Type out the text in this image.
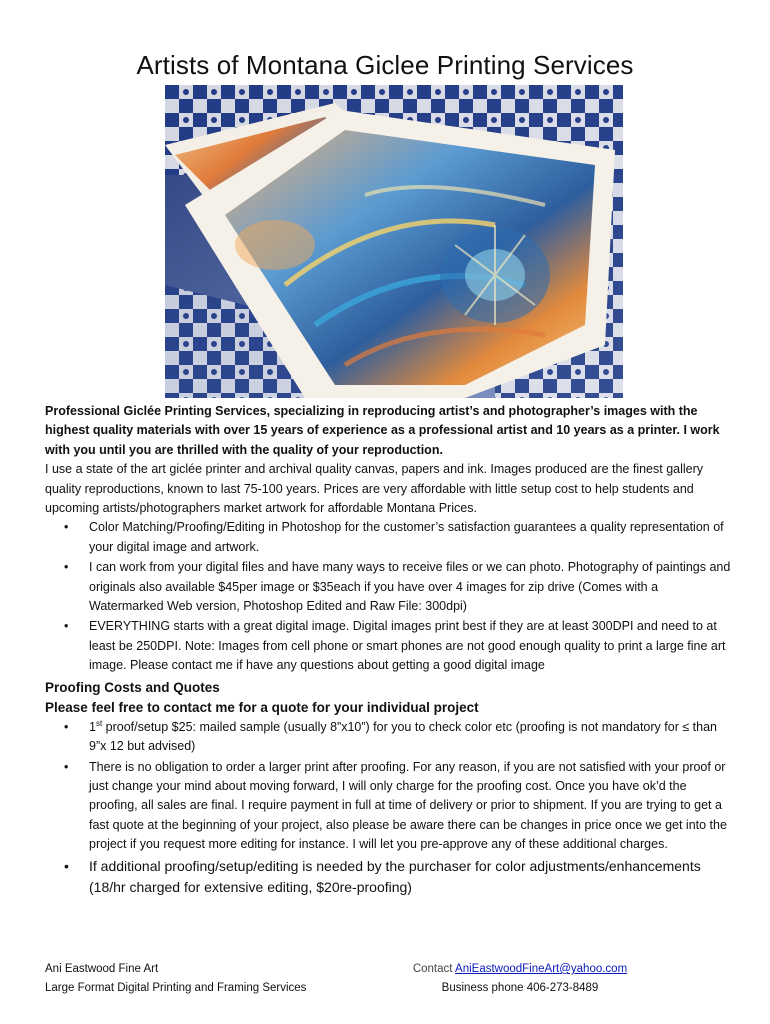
Artists of Montana Giclee Printing Services

Professional Giclée Printing Services, specializing in reproducing artist’s and photographer’s images with the highest quality materials with over 15 years of experience as a professional artist and 10 years as a printer. I work with you until you are thrilled with the quality of your reproduction.

I use a state of the art giclée printer and archival quality canvas, papers and ink. Images produced are the finest gallery quality reproductions, known to last 75-100 years. Prices are very affordable with little setup cost to help students and upcoming artists/photographers market artwork for affordable Montana Prices.

• Color Matching/Proofing/Editing in Photoshop for the customer’s satisfaction guarantees a quality representation of your digital image and artwork.
• I can work from your digital files and have many ways to receive files or we can photo. Photography of paintings and originals also available $45per image or $35each if you have over 4 images for zip drive (Comes with a Watermarked Web version, Photoshop Edited and Raw File: 300dpi)
• EVERYTHING starts with a great digital image. Digital images print best if they are at least 300DPI and need to at least be 250DPI. Note: Images from cell phone or smart phones are not good enough quality to print a large fine art image. Please contact me if have any questions about getting a good digital image
Proofing Costs and Quotes
Please feel free to contact me for a quote for your individual project
• 1st proof/setup $25: mailed sample (usually 8”x10”) for you to check color etc (proofing is not mandatory for ≤ than 9”x 12 but advised)
• There is no obligation to order a larger print after proofing. For any reason, if you are not satisfied with your proof or just change your mind about moving forward, I will only charge for the proofing cost. Once you have ok’d the proofing, all sales are final. I require payment in full at time of delivery or prior to shipment. If you are trying to get a fast quote at the beginning of your project, also please be aware there can be changes in price once we get into the project if you request more editing for instance. I will let you pre-approve any of these additional charges.
• If additional proofing/setup/editing is needed by the purchaser for color adjustments/enhancements (18/hr charged for extensive editing, $20re-proofing)
Ani Eastwood Fine Art
Large Format Digital Printing and Framing Services
Contact AniEastwoodFineArt@yahoo.com
Business phone 406-273-8489
